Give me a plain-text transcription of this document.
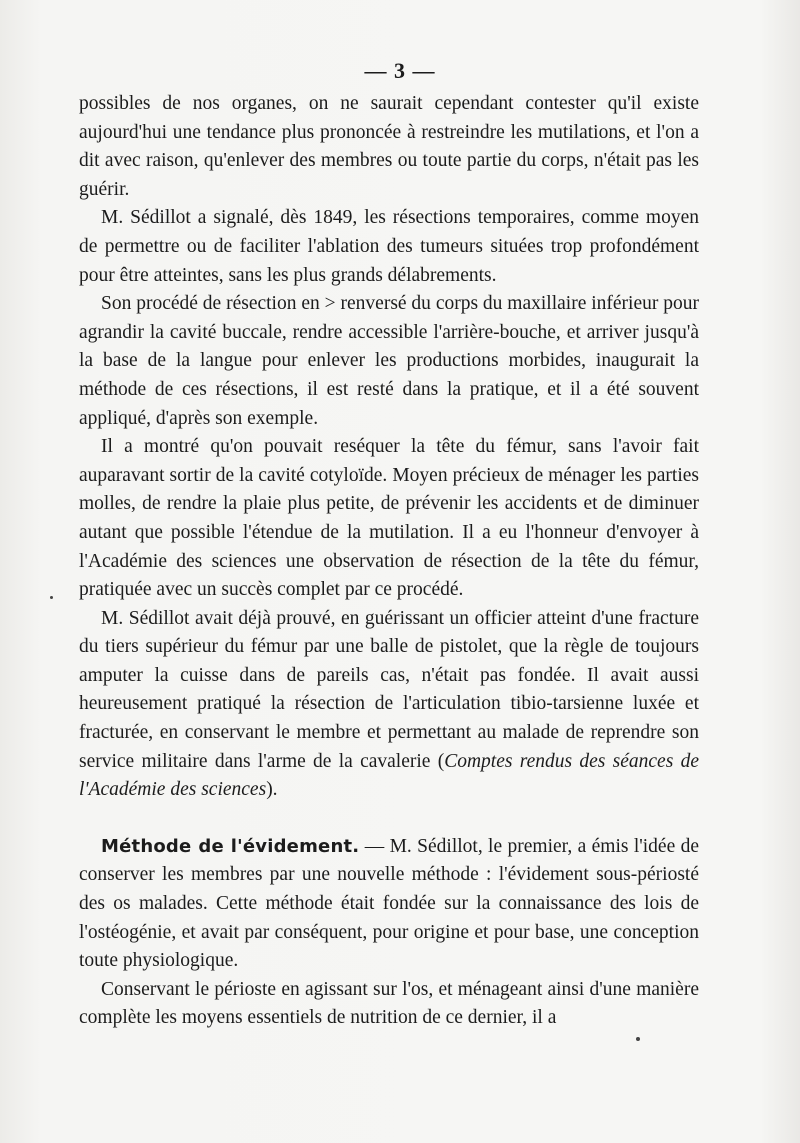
— 3 —

possibles de nos organes, on ne saurait cependant contester qu'il existe aujourd'hui une tendance plus prononcée à restreindre les mutilations, et l'on a dit avec raison, qu'enlever des membres ou toute partie du corps, n'était pas les guérir.

M. Sédillot a signalé, dès 1849, les résections temporaires, comme moyen de permettre ou de faciliter l'ablation des tumeurs situées trop profondément pour être atteintes, sans les plus grands délabrements.

Son procédé de résection en > renversé du corps du maxillaire inférieur pour agrandir la cavité buccale, rendre accessible l'arrière-bouche, et arriver jusqu'à la base de la langue pour enlever les productions morbides, inaugurait la méthode de ces résections, il est resté dans la pratique, et il a été souvent appliqué, d'après son exemple.

Il a montré qu'on pouvait reséquer la tête du fémur, sans l'avoir fait auparavant sortir de la cavité cotyloïde. Moyen précieux de ménager les parties molles, de rendre la plaie plus petite, de prévenir les accidents et de diminuer autant que possible l'étendue de la mutilation. Il a eu l'honneur d'envoyer à l'Académie des sciences une observation de résection de la tête du fémur, pratiquée avec un succès complet par ce procédé.

M. Sédillot avait déjà prouvé, en guérissant un officier atteint d'une fracture du tiers supérieur du fémur par une balle de pistolet, que la règle de toujours amputer la cuisse dans de pareils cas, n'était pas fondée. Il avait aussi heureusement pratiqué la résection de l'articulation tibio-tarsienne luxée et fracturée, en conservant le membre et permettant au malade de reprendre son service militaire dans l'arme de la cavalerie (Comptes rendus des séances de l'Académie des sciences).

Méthode de l'évidement. — M. Sédillot, le premier, a émis l'idée de conserver les membres par une nouvelle méthode : l'évidement sous-périosté des os malades. Cette méthode était fondée sur la connaissance des lois de l'ostéogénie, et avait par conséquent, pour origine et pour base, une conception toute physiologique.

Conservant le périoste en agissant sur l'os, et ménageant ainsi d'une manière complète les moyens essentiels de nutrition de ce dernier, il a
